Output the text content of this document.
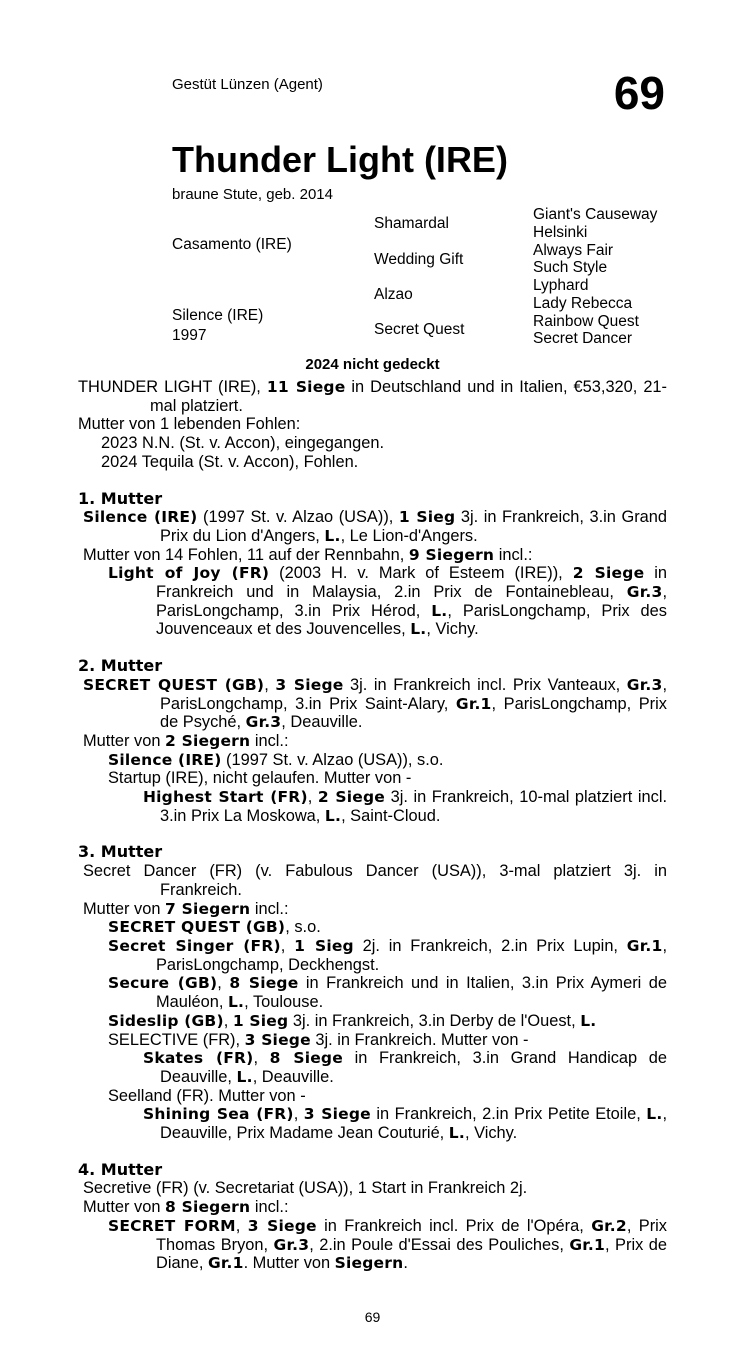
Gestüt Lünzen (Agent)	69
Thunder Light (IRE)
braune Stute, geb. 2014
Casamento (IRE)
Silence (IRE)
1997
Shamardal
Wedding Gift
Alzao
Secret Quest
Giant's Causeway
Helsinki
Always Fair
Such Style
Lyphard
Lady Rebecca
Rainbow Quest
Secret Dancer
2024 nicht gedeckt
THUNDER LIGHT (IRE), 11 Siege in Deutschland und in Italien, €53,320, 21-mal platziert.
Mutter von 1 lebenden Fohlen:
2023 N.N. (St. v. Accon), eingegangen.
2024 Tequila (St. v. Accon), Fohlen.
1. Mutter
Silence (IRE) (1997 St. v. Alzao (USA)), 1 Sieg 3j. in Frankreich, 3.in Grand Prix du Lion d'Angers, L., Le Lion-d'Angers.
Mutter von 14 Fohlen, 11 auf der Rennbahn, 9 Siegern incl.:
Light of Joy (FR) (2003 H. v. Mark of Esteem (IRE)), 2 Siege in Frankreich und in Malaysia, 2.in Prix de Fontainebleau, Gr.3, ParisLongchamp, 3.in Prix Hérod, L., ParisLongchamp, Prix des Jouvenceaux et des Jouvencelles, L., Vichy.
2. Mutter
SECRET QUEST (GB), 3 Siege 3j. in Frankreich incl. Prix Vanteaux, Gr.3, ParisLongchamp, 3.in Prix Saint-Alary, Gr.1, ParisLongchamp, Prix de Psyché, Gr.3, Deauville.
Mutter von 2 Siegern incl.:
Silence (IRE) (1997 St. v. Alzao (USA)), s.o.
Startup (IRE), nicht gelaufen. Mutter von -
Highest Start (FR), 2 Siege 3j. in Frankreich, 10-mal platziert incl. 3.in Prix La Moskowa, L., Saint-Cloud.
3. Mutter
Secret Dancer (FR) (v. Fabulous Dancer (USA)), 3-mal platziert 3j. in Frankreich.
Mutter von 7 Siegern incl.:
SECRET QUEST (GB), s.o.
Secret Singer (FR), 1 Sieg 2j. in Frankreich, 2.in Prix Lupin, Gr.1, ParisLongchamp, Deckhengst.
Secure (GB), 8 Siege in Frankreich und in Italien, 3.in Prix Aymeri de Mauléon, L., Toulouse.
Sideslip (GB), 1 Sieg 3j. in Frankreich, 3.in Derby de l'Ouest, L.
SELECTIVE (FR), 3 Siege 3j. in Frankreich. Mutter von -
Skates (FR), 8 Siege in Frankreich, 3.in Grand Handicap de Deauville, L., Deauville.
Seelland (FR). Mutter von -
Shining Sea (FR), 3 Siege in Frankreich, 2.in Prix Petite Etoile, L., Deauville, Prix Madame Jean Couturié, L., Vichy.
4. Mutter
Secretive (FR) (v. Secretariat (USA)), 1 Start in Frankreich 2j.
Mutter von 8 Siegern incl.:
SECRET FORM, 3 Siege in Frankreich incl. Prix de l'Opéra, Gr.2, Prix Thomas Bryon, Gr.3, 2.in Poule d'Essai des Pouliches, Gr.1, Prix de Diane, Gr.1. Mutter von Siegern.
69
